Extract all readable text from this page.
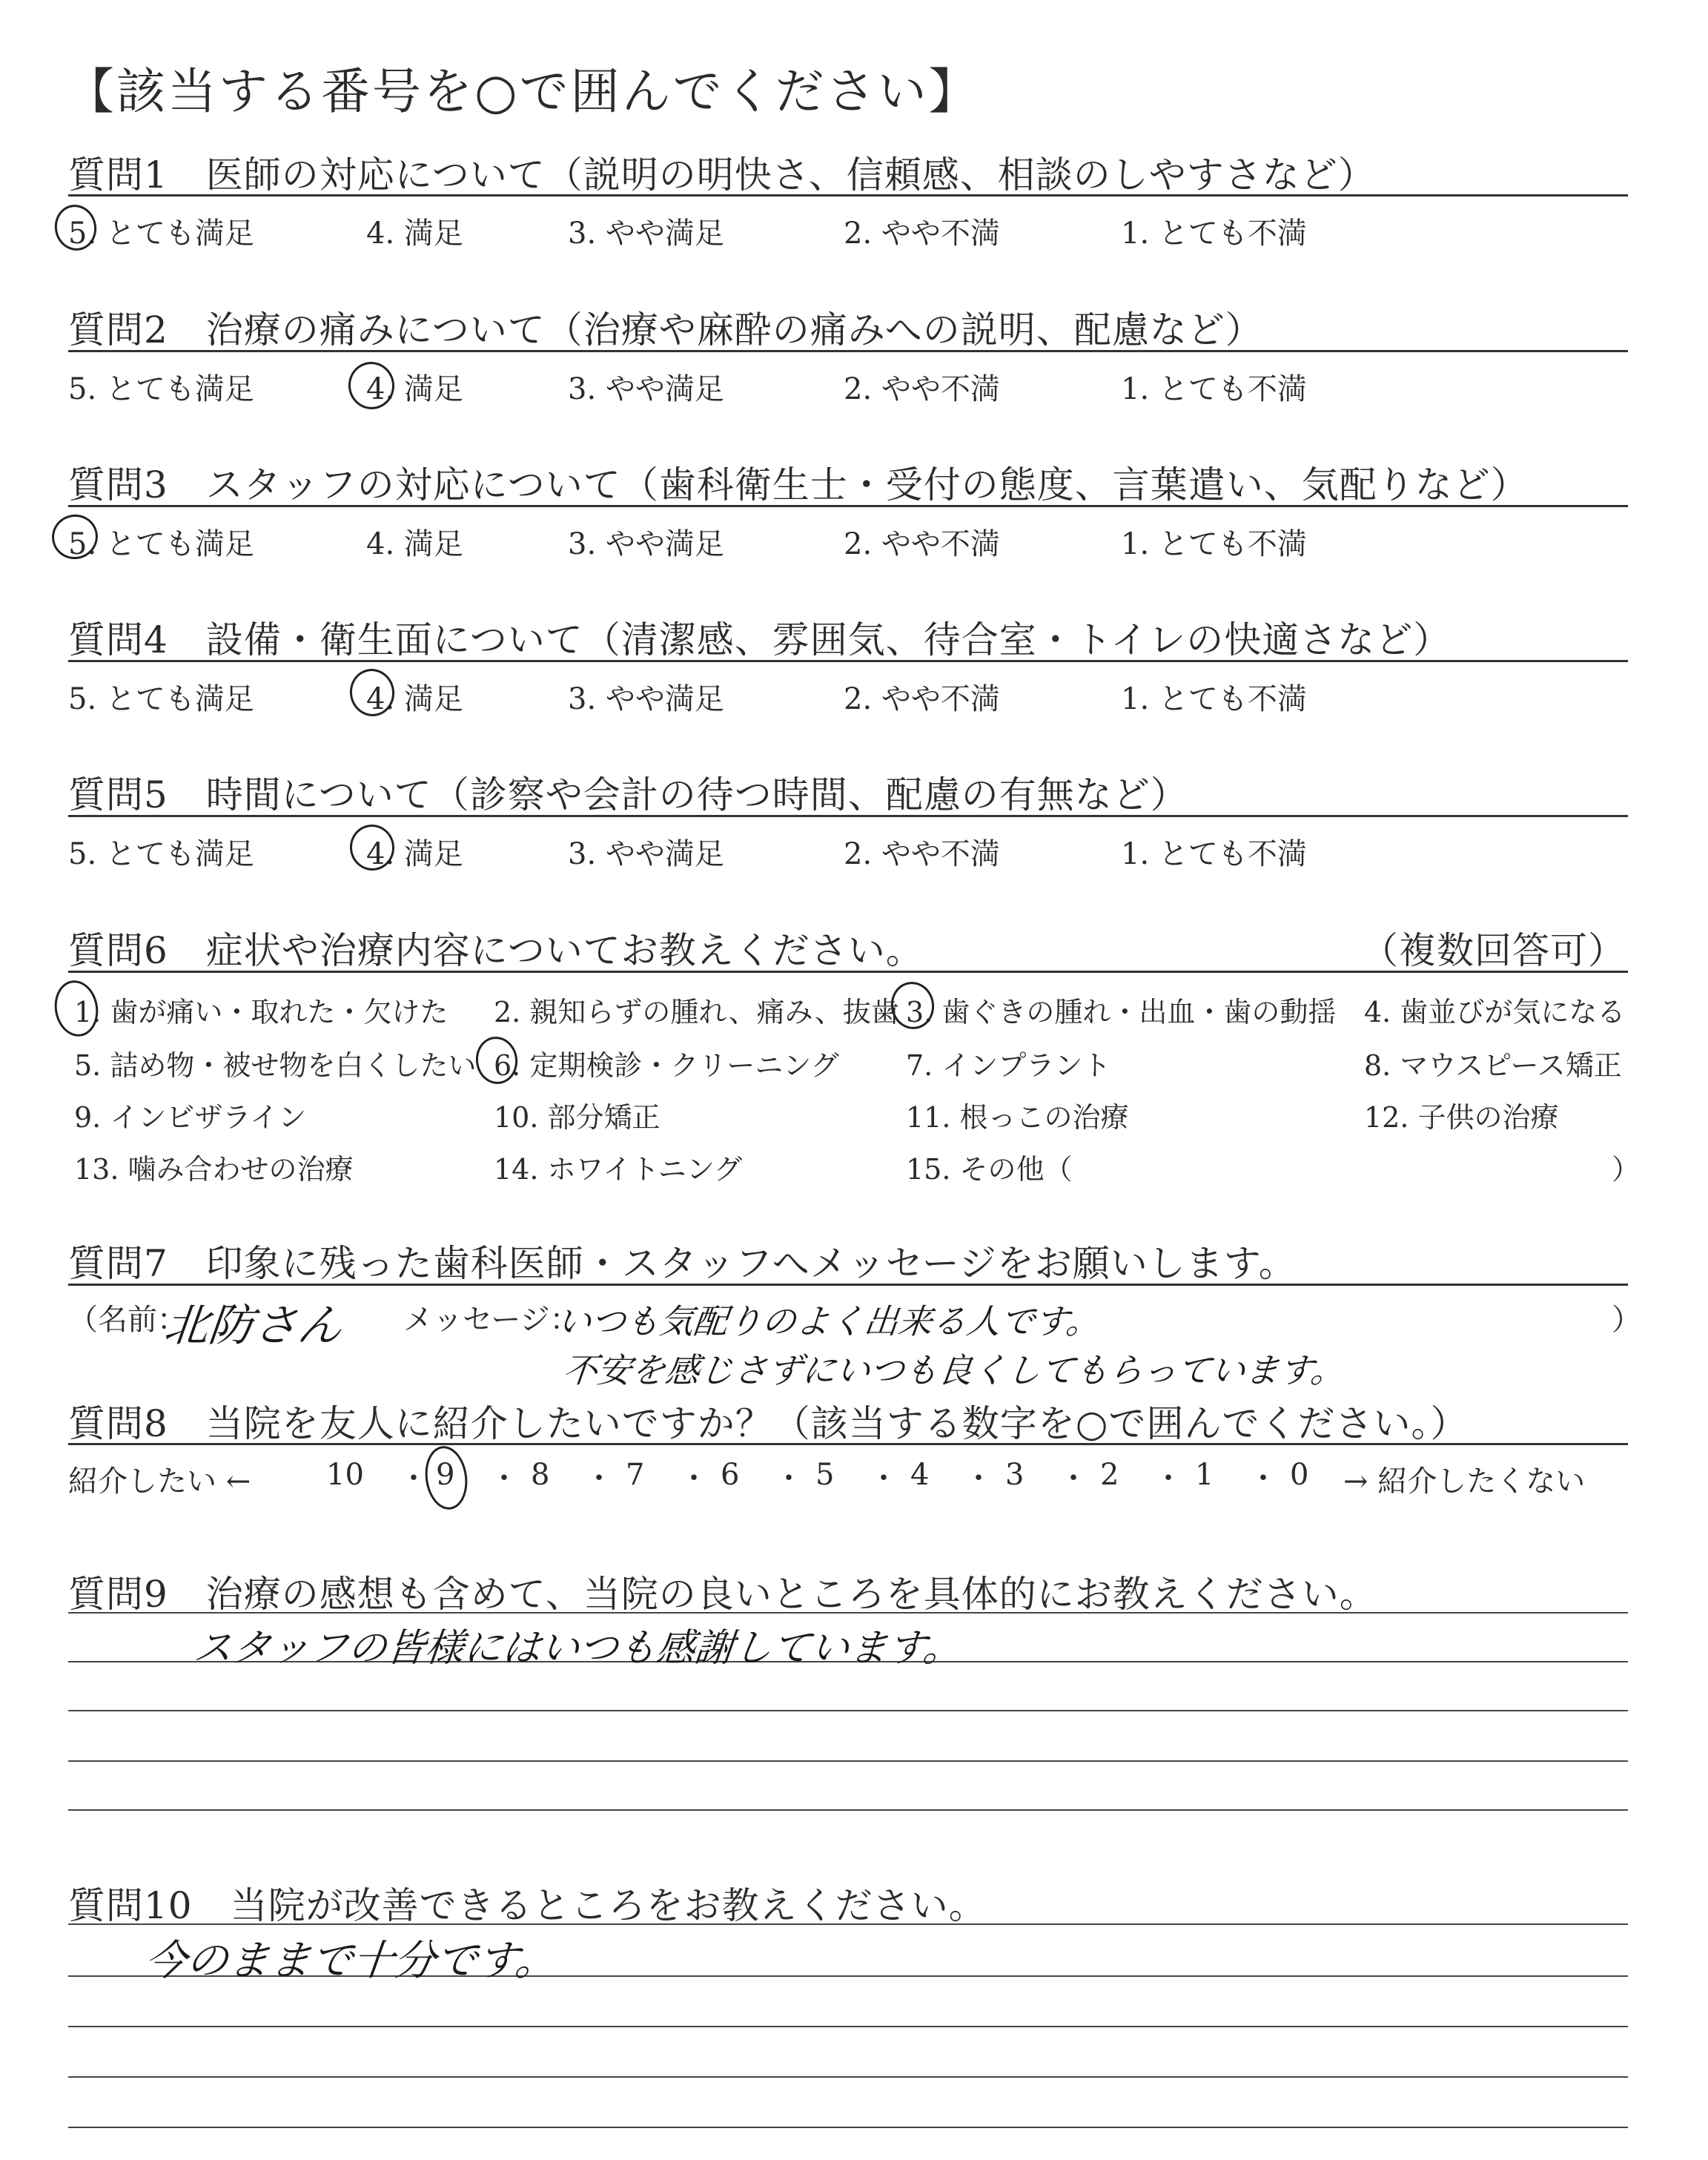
【該当する番号を○で囲んでください】
質問1　医師の対応について（説明の明快さ、信頼感、相談のしやすさなど）
5. とても満足	4. 満足	3. やや満足	2. やや不満	1. とても不満
質問2　治療の痛みについて（治療や麻酔の痛みへの説明、配慮など）
5. とても満足	4. 満足	3. やや満足	2. やや不満	1. とても不満
質問3　スタッフの対応について（歯科衛生士・受付の態度、言葉遣い、気配りなど）
5. とても満足	4. 満足	3. やや満足	2. やや不満	1. とても不満
質問4　設備・衛生面について（清潔感、雰囲気、待合室・トイレの快適さなど）
5. とても満足	4. 満足	3. やや満足	2. やや不満	1. とても不満
質問5　時間について（診察や会計の待つ時間、配慮の有無など）
5. とても満足	4. 満足	3. やや満足	2. やや不満	1. とても不満
質問6　症状や治療内容についてお教えください。	（複数回答可）
1. 歯が痛い・取れた・欠けた 2. 親知らずの腫れ、痛み、抜歯 3. 歯ぐきの腫れ・出血・歯の動揺 4. 歯並びが気になる
5. 詰め物・被せ物を白くしたい 6. 定期検診・クリーニング 7. インプラント	8. マウスピース矯正
9. インビザライン	10. 部分矯正	11. 根っこの治療	12. 子供の治療
13. 噛み合わせの治療	14. ホワイトニング	15. その他（	）
質問7　印象に残った歯科医師・スタッフへメッセージをお願いします。
（名前：
北防さん メッセージ：
いつも気配りのよく出来る人です。
不安を感じさずにいつも良くしてもらっています。
）
質問8　当院を友人に紹介したいですか？（該当する数字を○で囲んでください。）
紹介したい ←	10 9	8	7	6	5	4	3	2	1	0
・ ・ ・ ・ ・ ・ ・ ・ ・ ・ → 紹介したくない
質問9　治療の感想も含めて、当院の良いところを具体的にお教えください。
スタッフの皆様にはいつも感謝しています。
質問10　当院が改善できるところをお教えください。
今のままで十分です。
